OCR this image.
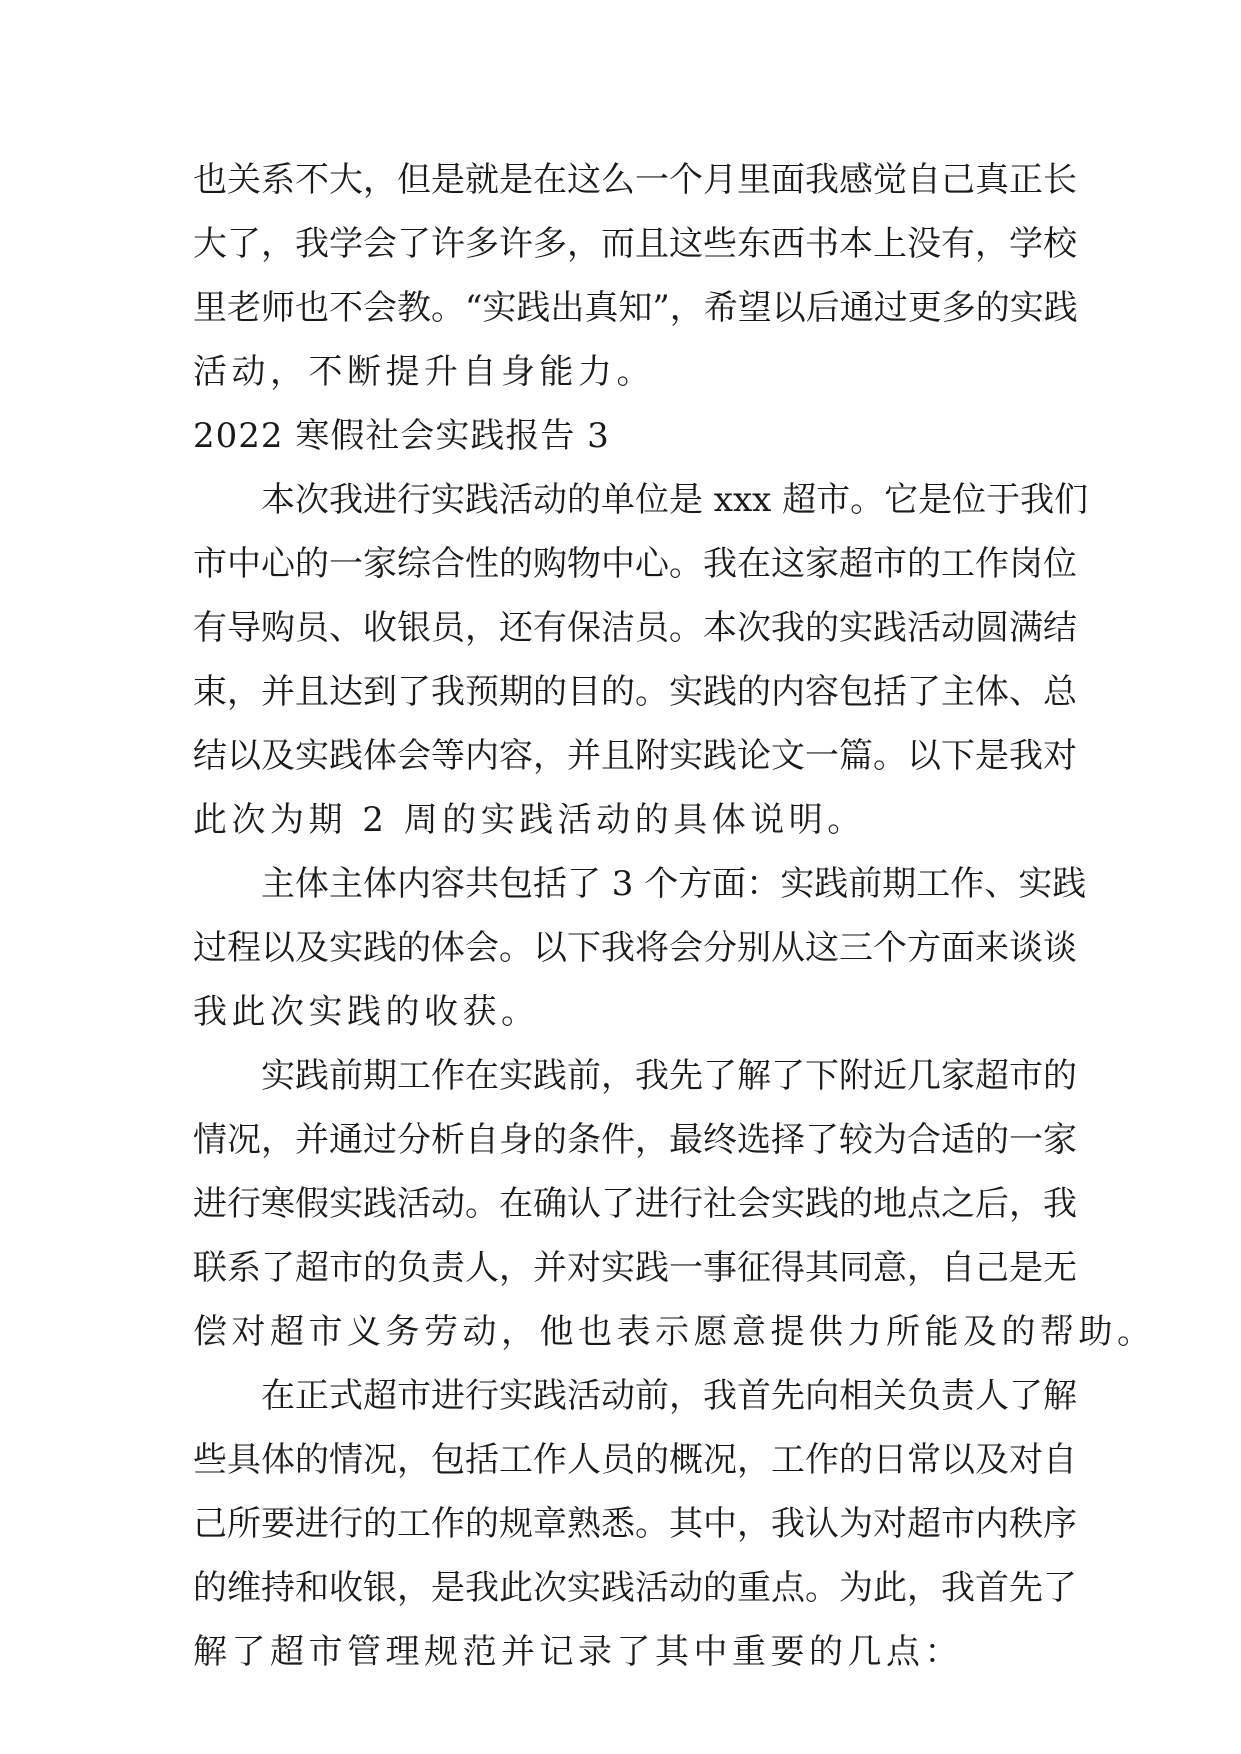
也关系不大，但是就是在这么一个月里面我感觉自己真正长
大了，我学会了许多许多，而且这些东西书本上没有，学校
里老师也不会教。“实践出真知”，希望以后通过更多的实践
活动，不断提升自身能力。
2022 寒假社会实践报告 3
本次我进行实践活动的单位是 xxx 超市。它是位于我们
市中心的一家综合性的购物中心。我在这家超市的工作岗位
有导购员、收银员，还有保洁员。本次我的实践活动圆满结
束，并且达到了我预期的目的。实践的内容包括了主体、总
结以及实践体会等内容，并且附实践论文一篇。以下是我对
此次为期 2 周的实践活动的具体说明。
主体主体内容共包括了 3 个方面：实践前期工作、实践
过程以及实践的体会。以下我将会分别从这三个方面来谈谈
我此次实践的收获。
实践前期工作在实践前，我先了解了下附近几家超市的
情况，并通过分析自身的条件，最终选择了较为合适的一家
进行寒假实践活动。在确认了进行社会实践的地点之后，我
联系了超市的负责人，并对实践一事征得其同意，自己是无
偿对超市义务劳动，他也表示愿意提供力所能及的帮助。
在正式超市进行实践活动前，我首先向相关负责人了解
些具体的情况，包括工作人员的概况，工作的日常以及对自
己所要进行的工作的规章熟悉。其中，我认为对超市内秩序
的维持和收银，是我此次实践活动的重点。为此，我首先了
解了超市管理规范并记录了其中重要的几点：
